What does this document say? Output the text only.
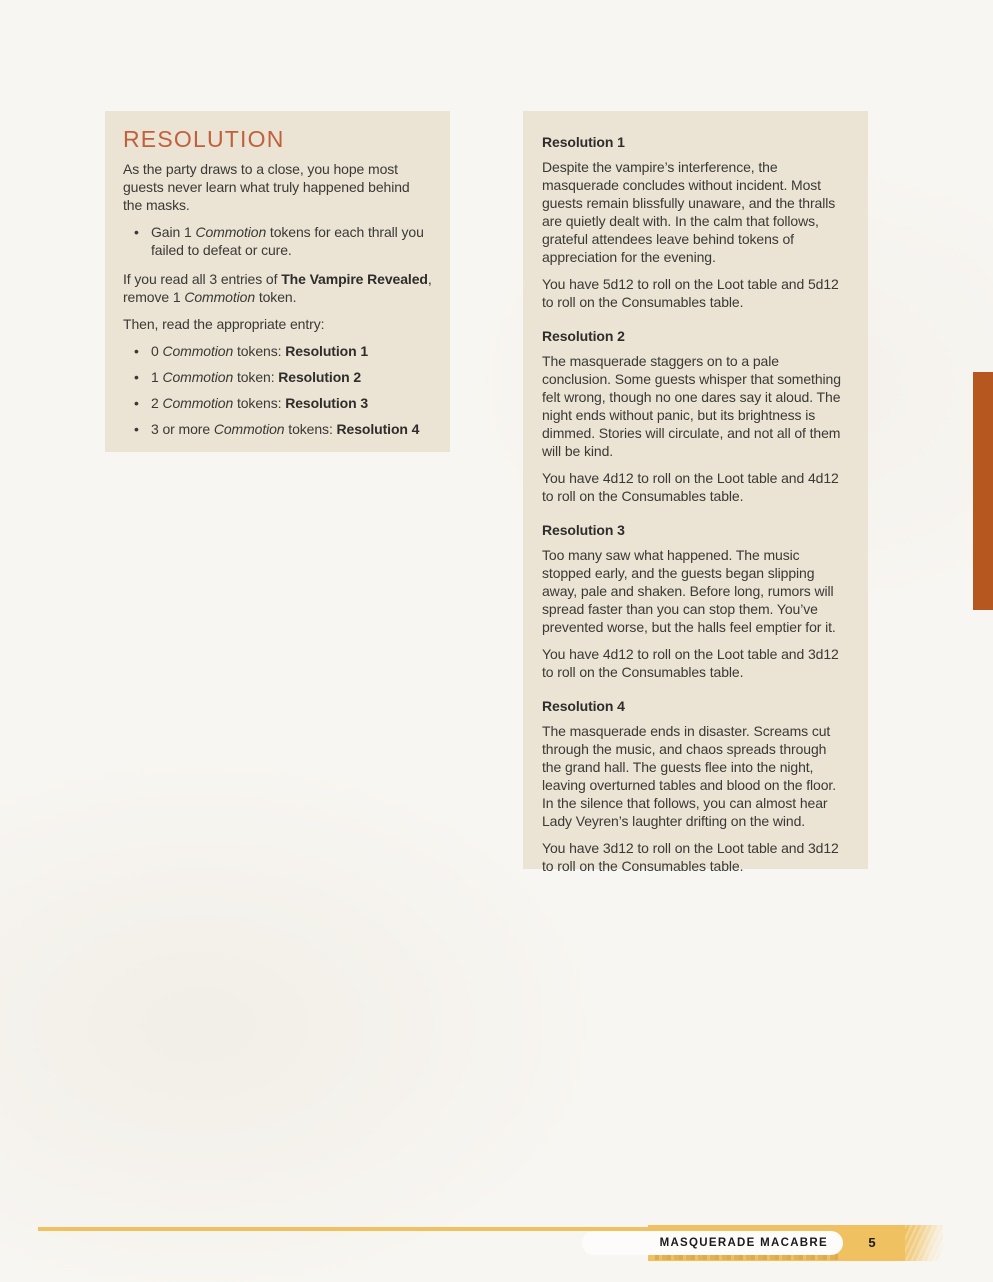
RESOLUTION

As the party draws to a close, you hope most guests never learn what truly happened behind the masks.

• Gain 1 Commotion tokens for each thrall you failed to defeat or cure.

If you read all 3 entries of The Vampire Revealed, remove 1 Commotion token.

Then, read the appropriate entry:

• 0 Commotion tokens: Resolution 1
• 1 Commotion token: Resolution 2
• 2 Commotion tokens: Resolution 3
• 3 or more Commotion tokens: Resolution 4
Resolution 1

Despite the vampire’s interference, the masquerade concludes without incident. Most guests remain blissfully unaware, and the thralls are quietly dealt with. In the calm that follows, grateful attendees leave behind tokens of appreciation for the evening.

You have 5d12 to roll on the Loot table and 5d12 to roll on the Consumables table.

Resolution 2

The masquerade staggers on to a pale conclusion. Some guests whisper that something felt wrong, though no one dares say it aloud. The night ends without panic, but its brightness is dimmed. Stories will circulate, and not all of them will be kind.

You have 4d12 to roll on the Loot table and 4d12 to roll on the Consumables table.

Resolution 3

Too many saw what happened. The music stopped early, and the guests began slipping away, pale and shaken. Before long, rumors will spread faster than you can stop them. You’ve prevented worse, but the halls feel emptier for it.

You have 4d12 to roll on the Loot table and 3d12 to roll on the Consumables table.

Resolution 4

The masquerade ends in disaster. Screams cut through the music, and chaos spreads through the grand hall. The guests flee into the night, leaving overturned tables and blood on the floor. In the silence that follows, you can almost hear Lady Veyren’s laughter drifting on the wind.

You have 3d12 to roll on the Loot table and 3d12 to roll on the Consumables table.

MASQUERADE MACABRE	5
